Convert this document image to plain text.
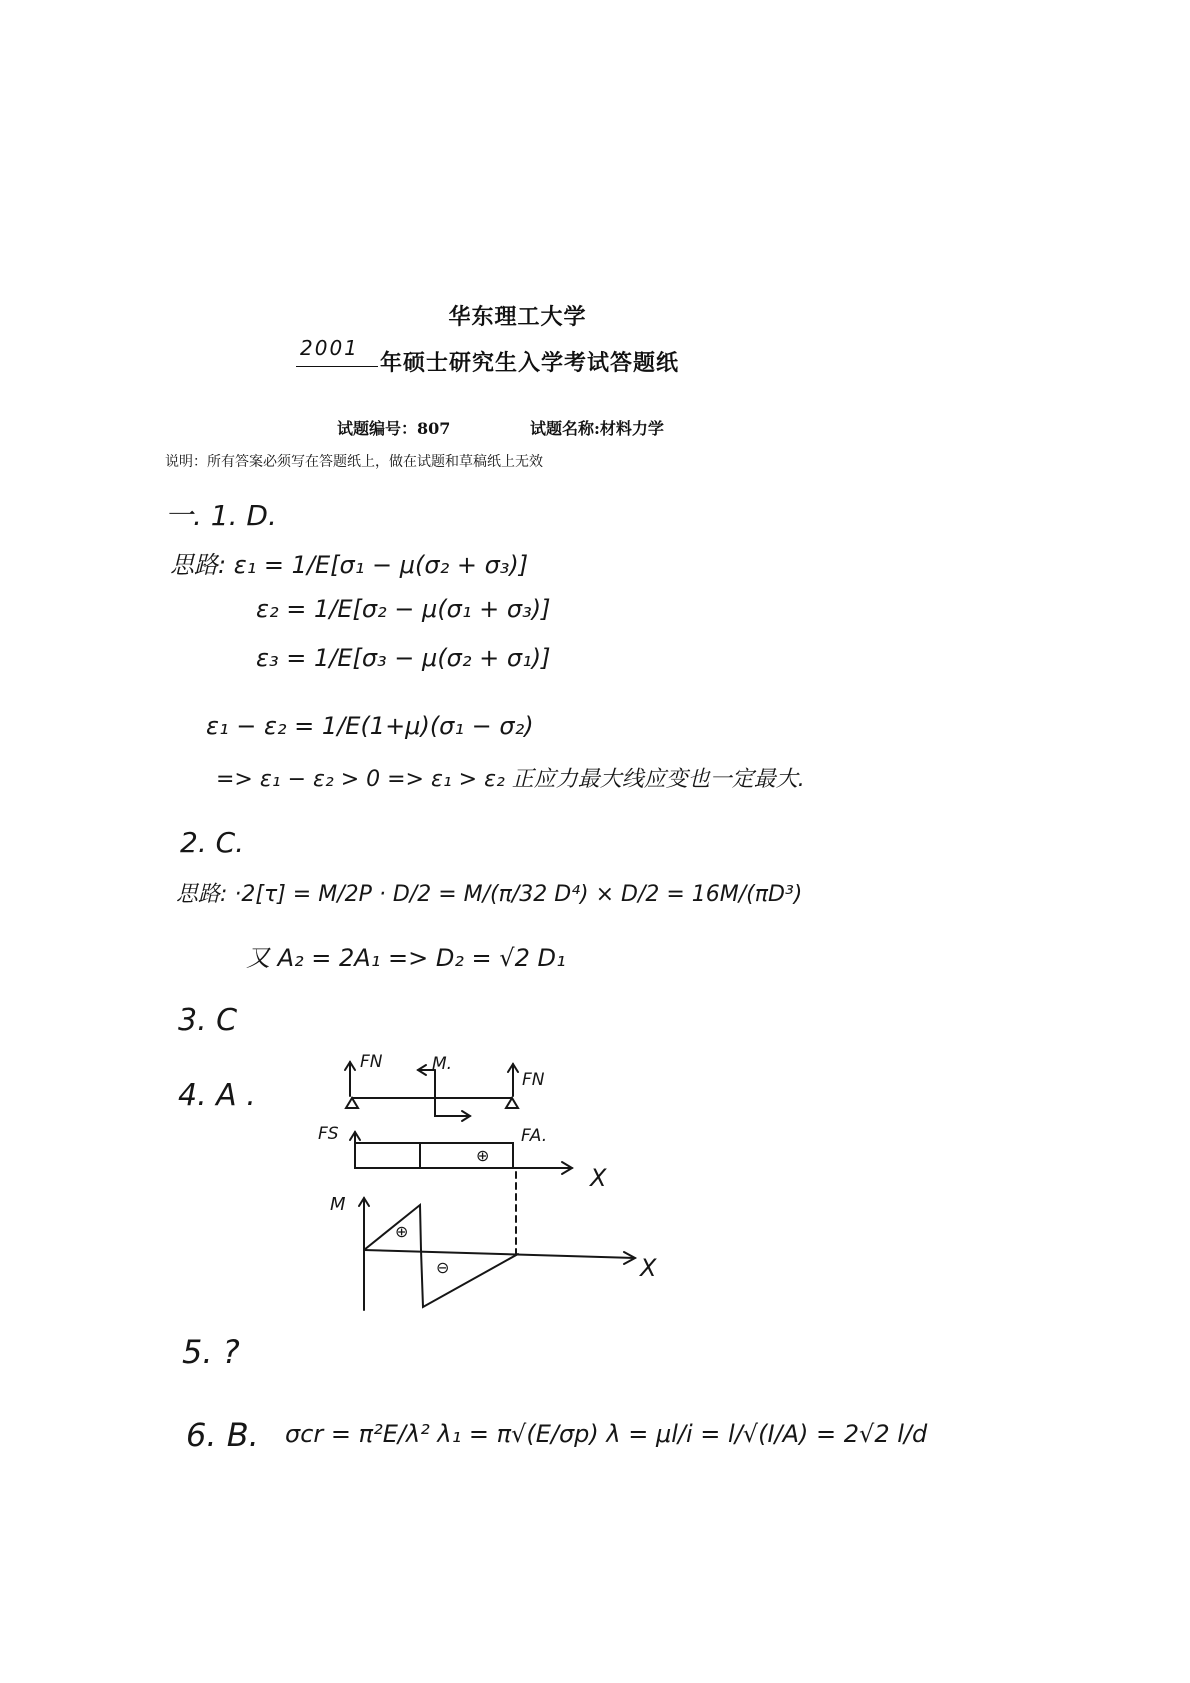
华东理工大学
2001
年硕士研究生入学考试答题纸
试题编号：807	试题名称:材料力学
说明：所有答案必须写在答题纸上，做在试题和草稿纸上无效
一. 1. D.
思路: ε₁ = 1/E[σ₁ − μ(σ₂ + σ₃)]
ε₂ = 1/E[σ₂ − μ(σ₁ + σ₃)]
ε₃ = 1/E[σ₃ − μ(σ₂ + σ₁)]
ε₁ − ε₂ = 1/E(1+μ)(σ₁ − σ₂)
=> ε₁ − ε₂ > 0 => ε₁ > ε₂ 正应力最大线应变也一定最大.
2. C.
思路: ·2[τ] = M/2P · D/2 = M/(π/32 D⁴) × D/2 = 16M/(πD³)
又 A₂ = 2A₁ => D₂ = √2 D₁
3. C
4. A .
FN	M.
FN
FS	FA.
X
M
X
⊕
⊕
⊖
5. ?
6. B. σcr = π²E/λ² λ₁ = π√(E/σp) λ = μl/i = l/√(I/A) = 2√2 l/d
